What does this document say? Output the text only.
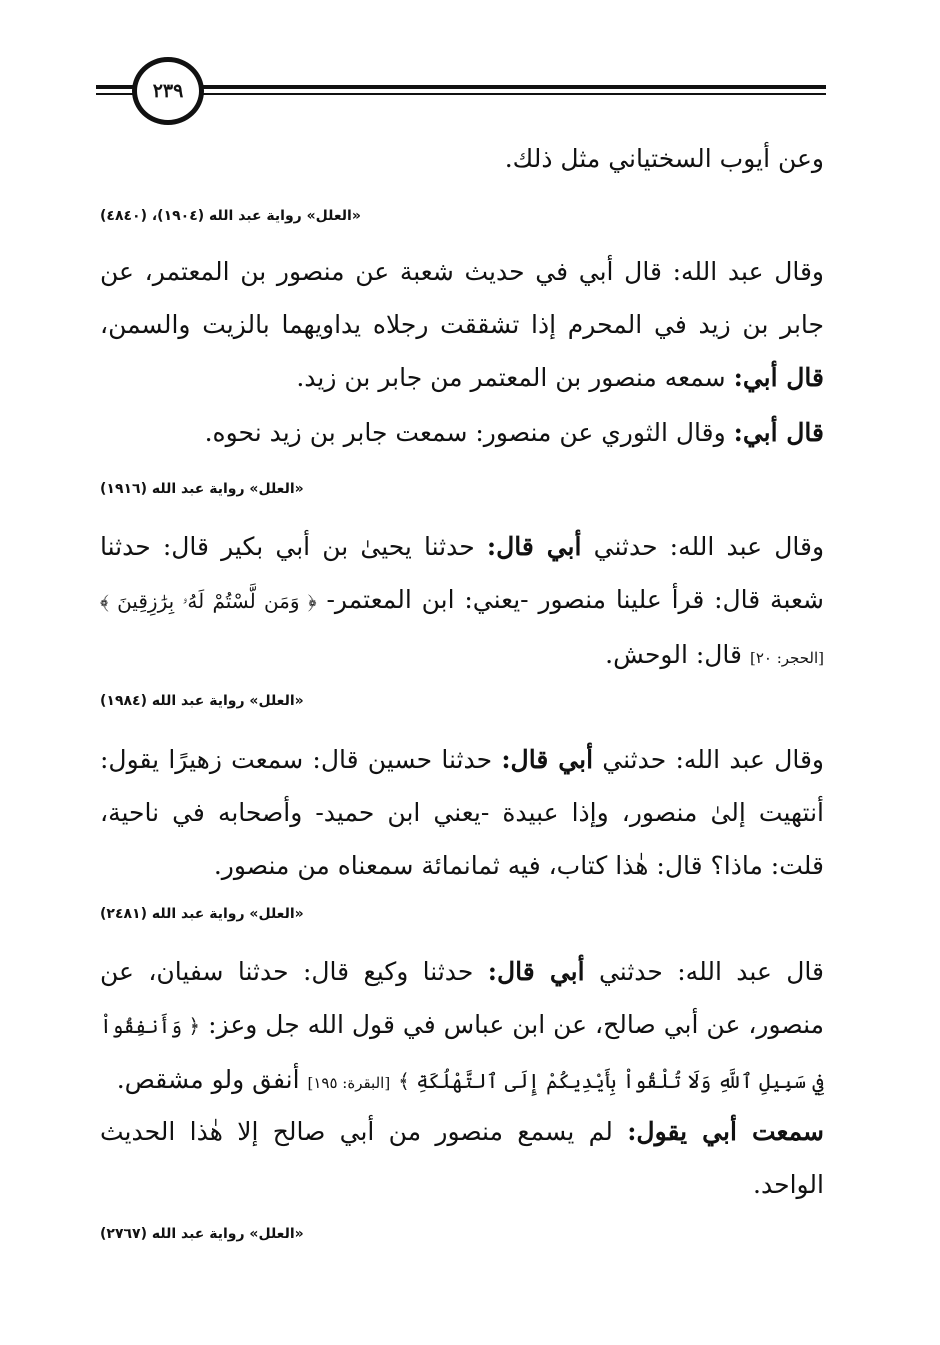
٢٣٩

وعن أيوب السختياني مثل ذلك.

«العلل» رواية عبد الله (١٩٠٤)، (٤٨٤٠)

وقال عبد الله: قال أبي في حديث شعبة عن منصور بن المعتمر، عن جابر بن زيد في المحرم إذا تشققت رجلاه يداويهما بالزيت والسمن، قال أبي: سمعه منصور بن المعتمر من جابر بن زيد.

قال أبي: وقال الثوري عن منصور: سمعت جابر بن زيد نحوه.

«العلل» رواية عبد الله (١٩١٦)

وقال عبد الله: حدثني أبي قال: حدثنا يحيىٰ بن أبي بكير قال: حدثنا شعبة قال: قرأ علينا منصور -يعني: ابن المعتمر- ﴿ وَمَن لَّسْتُمْ لَهُۥ بِرَٰزِقِينَ ﴾ [الحجر: ٢٠] قال: الوحش.

«العلل» رواية عبد الله (١٩٨٤)

وقال عبد الله: حدثني أبي قال: حدثنا حسين قال: سمعت زهيرًا يقول: أنتهيت إلىٰ منصور، وإذا عبيدة -يعني ابن حميد- وأصحابه في ناحية، قلت: ماذا؟ قال: هٰذا كتاب، فيه ثمانمائة سمعناه من منصور.

«العلل» رواية عبد الله (٢٤٨١)

قال عبد الله: حدثني أبي قال: حدثنا وكيع قال: حدثنا سفيان، عن منصور، عن أبي صالح، عن ابن عباس في قول الله جل وعز: ﴿ وَأَنفِقُواْ فِي سَبِيلِ ٱللَّهِ وَلَا تُلْقُواْ بِأَيْدِيكُمْ إِلَى ٱلتَّهْلُكَةِ ﴾ [البقرة: ١٩٥] أنفق ولو مشقص.

سمعت أبي يقول: لم يسمع منصور من أبي صالح إلا هٰذا الحديث الواحد.

«العلل» رواية عبد الله (٢٧٦٧)
